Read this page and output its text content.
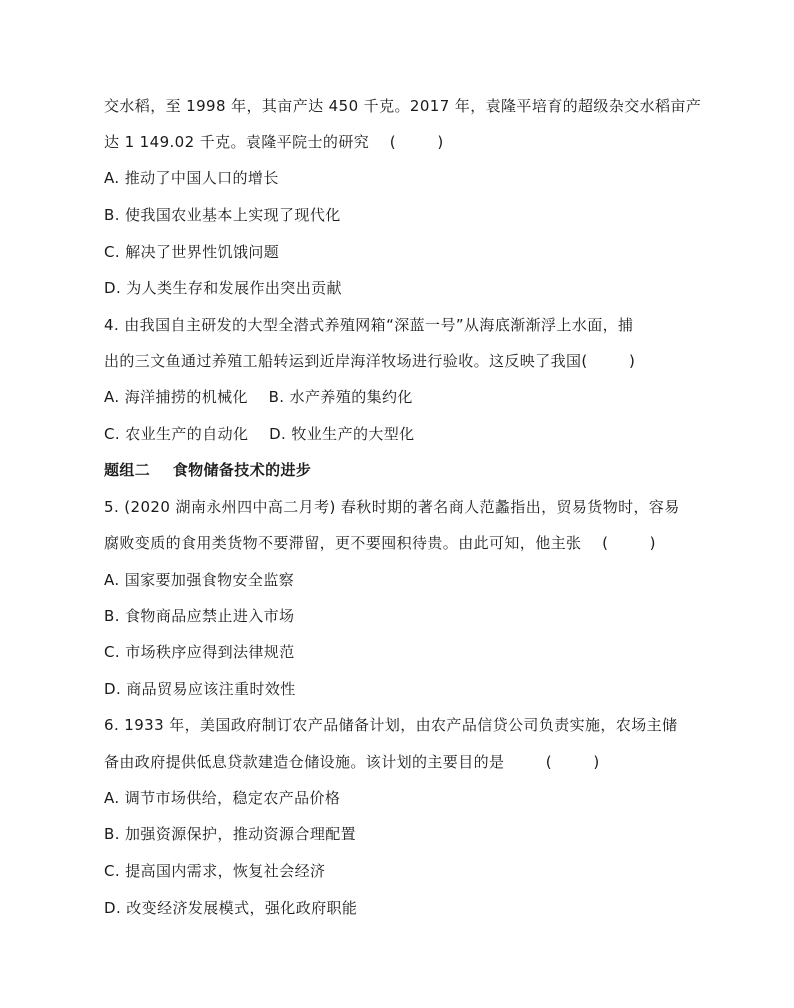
交水稻，至 1998 年，其亩产达 450 千克。2017 年，袁隆平培育的超级杂交水稻亩产
达 1 149.02 千克。袁隆平院士的研究    (        )
A. 推动了中国人口的增长
B. 使我国农业基本上实现了现代化
C. 解决了世界性饥饿问题
D. 为人类生存和发展作出突出贡献
4. 由我国自主研发的大型全潜式养殖网箱“深蓝一号”从海底渐渐浮上水面，捕
出的三文鱼通过养殖工船转运到近岸海洋牧场进行验收。这反映了我国(        )
A. 海洋捕捞的机械化    B. 水产养殖的集约化
C. 农业生产的自动化    D. 牧业生产的大型化
题组二    食物储备技术的进步
5. (2020 湖南永州四中高二月考) 春秋时期的著名商人范蠡指出，贸易货物时，容易
腐败变质的食用类货物不要滞留，更不要囤积待贵。由此可知，他主张    (        )
A. 国家要加强食物安全监察
B. 食物商品应禁止进入市场
C. 市场秩序应得到法律规范
D. 商品贸易应该注重时效性
6. 1933 年，美国政府制订农产品储备计划，由农产品信贷公司负责实施，农场主储
备由政府提供低息贷款建造仓储设施。该计划的主要目的是        (        )
A. 调节市场供给，稳定农产品价格
B. 加强资源保护，推动资源合理配置
C. 提高国内需求，恢复社会经济
D. 改变经济发展模式，强化政府职能
